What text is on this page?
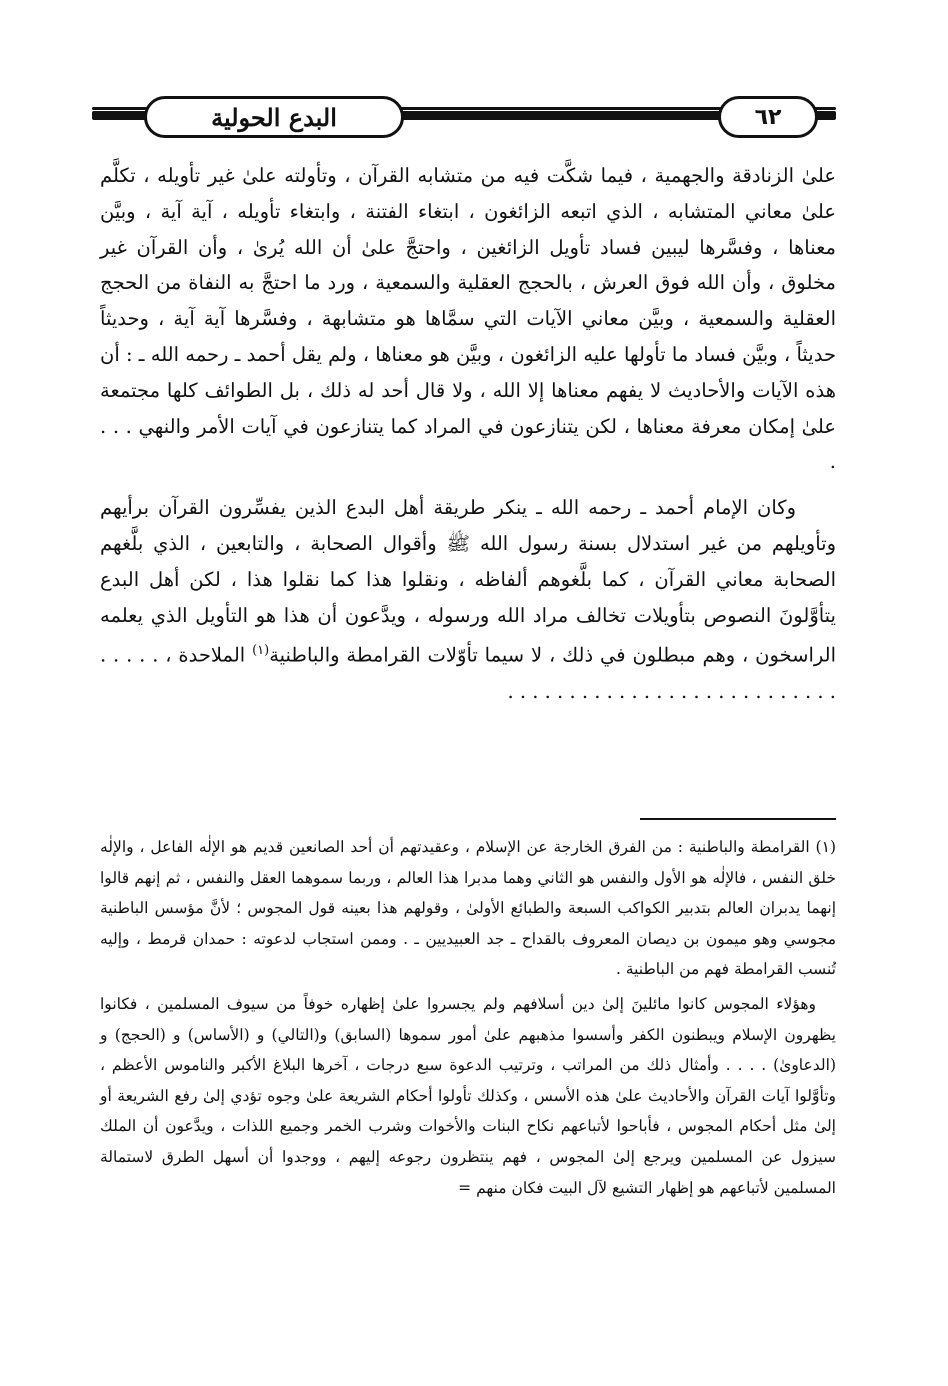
البدع الحولية	٦٢

علىٰ الزنادقة والجهمية ، فيما شكَّت فيه من متشابه القرآن ، وتأولته علىٰ غير تأويله ، تكلَّم علىٰ معاني المتشابه ، الذي اتبعه الزائغون ، ابتغاء الفتنة ، وابتغاء تأويله ، آية آية ، وبيَّن معناها ، وفسَّرها ليبين فساد تأويل الزائغين ، واحتجَّ علىٰ أن الله يُرىٰ ، وأن القرآن غير مخلوق ، وأن الله فوق العرش ، بالحجج العقلية والسمعية ، ورد ما احتجَّ به النفاة من الحجج العقلية والسمعية ، وبيَّن معاني الآيات التي سمَّاها هو متشابهة ، وفسَّرها آية آية ، وحديثاً حديثاً ، وبيَّن فساد ما تأولها عليه الزائغون ، وبيَّن هو معناها ، ولم يقل أحمد ـ رحمه الله ـ : أن هذه الآيات والأحاديث لا يفهم معناها إلا الله ، ولا قال أحد له ذلك ، بل الطوائف كلها مجتمعة علىٰ إمكان معرفة معناها ، لكن يتنازعون في المراد كما يتنازعون في آيات الأمر والنهي . . . .

وكان الإمام أحمد ـ رحمه الله ـ ينكر طريقة أهل البدع الذين يفسِّرون القرآن برأيهم وتأويلهم من غير استدلال بسنة رسول الله ﷺ وأقوال الصحابة ، والتابعين ، الذي بلَّغهم الصحابة معاني القرآن ، كما بلَّغوهم ألفاظه ، ونقلوا هذا كما نقلوا هذا ، لكن أهل البدع يتأوَّلونَ النصوص بتأويلات تخالف مراد الله ورسوله ، ويدَّعون أن هذا هو التأويل الذي يعلمه الراسخون ، وهم مبطلون في ذلك ، لا سيما تأوّلات القرامطة والباطنية$^{(١)}$ الملاحدة ، . . . . . . . . . . . . . . . . . . . . . . . . . . . . . . . .

(١) القرامطة والباطنية : من الفرق الخارجة عن الإسلام ، وعقيدتهم أن أحد الصانعين قديم هو الإلٰه الفاعل ، والإلٰه خلق النفس ، فالإلٰه هو الأول والنفس هو الثاني وهما مدبرا هذا العالم ، وربما سموهما العقل والنفس ، ثم إنهم قالوا إنهما يدبران العالم بتدبير الكواكب السبعة والطبائع الأولىٰ ، وقولهم هذا بعينه قول المجوس ؛ لأنَّ مؤسس الباطنية مجوسي وهو ميمون بن ديصان المعروف بالقداح ـ جد العبيديين ـ . وممن استجاب لدعوته : حمدان قرمط ، وإليه تُنسب القرامطة فهم من الباطنية .

وهؤلاء المجوس كانوا مائلينَ إلىٰ دين أسلافهم ولم يجسروا علىٰ إظهاره خوفاً من سيوف المسلمين ، فكانوا يظهرون الإسلام ويبطنون الكفر وأسسوا مذهبهم علىٰ أمور سموها (السابق) و(التالي) و (الأساس) و (الحجج) و (الدعاوىٰ) . . . . وأمثال ذلك من المراتب ، وترتيب الدعوة سبع درجات ، آخرها البلاغ الأكبر والناموس الأعظم ، وتأوَّلوا آيات القرآن والأحاديث علىٰ هذه الأسس ، وكذلك تأولوا أحكام الشريعة علىٰ وجوه تؤدي إلىٰ رفع الشريعة أو إلىٰ مثل أحكام المجوس ، فأباحوا لأتباعهم نكاح البنات والأخوات وشرب الخمر وجميع اللذات ، ويدَّعون أن الملك سيزول عن المسلمين ويرجع إلىٰ المجوس ، فهم ينتظرون رجوعه إليهم ، ووجدوا أن أسهل الطرق لاستمالة المسلمين لأتباعهم هو إظهار التشيع لآل البيت فكان منهم =
